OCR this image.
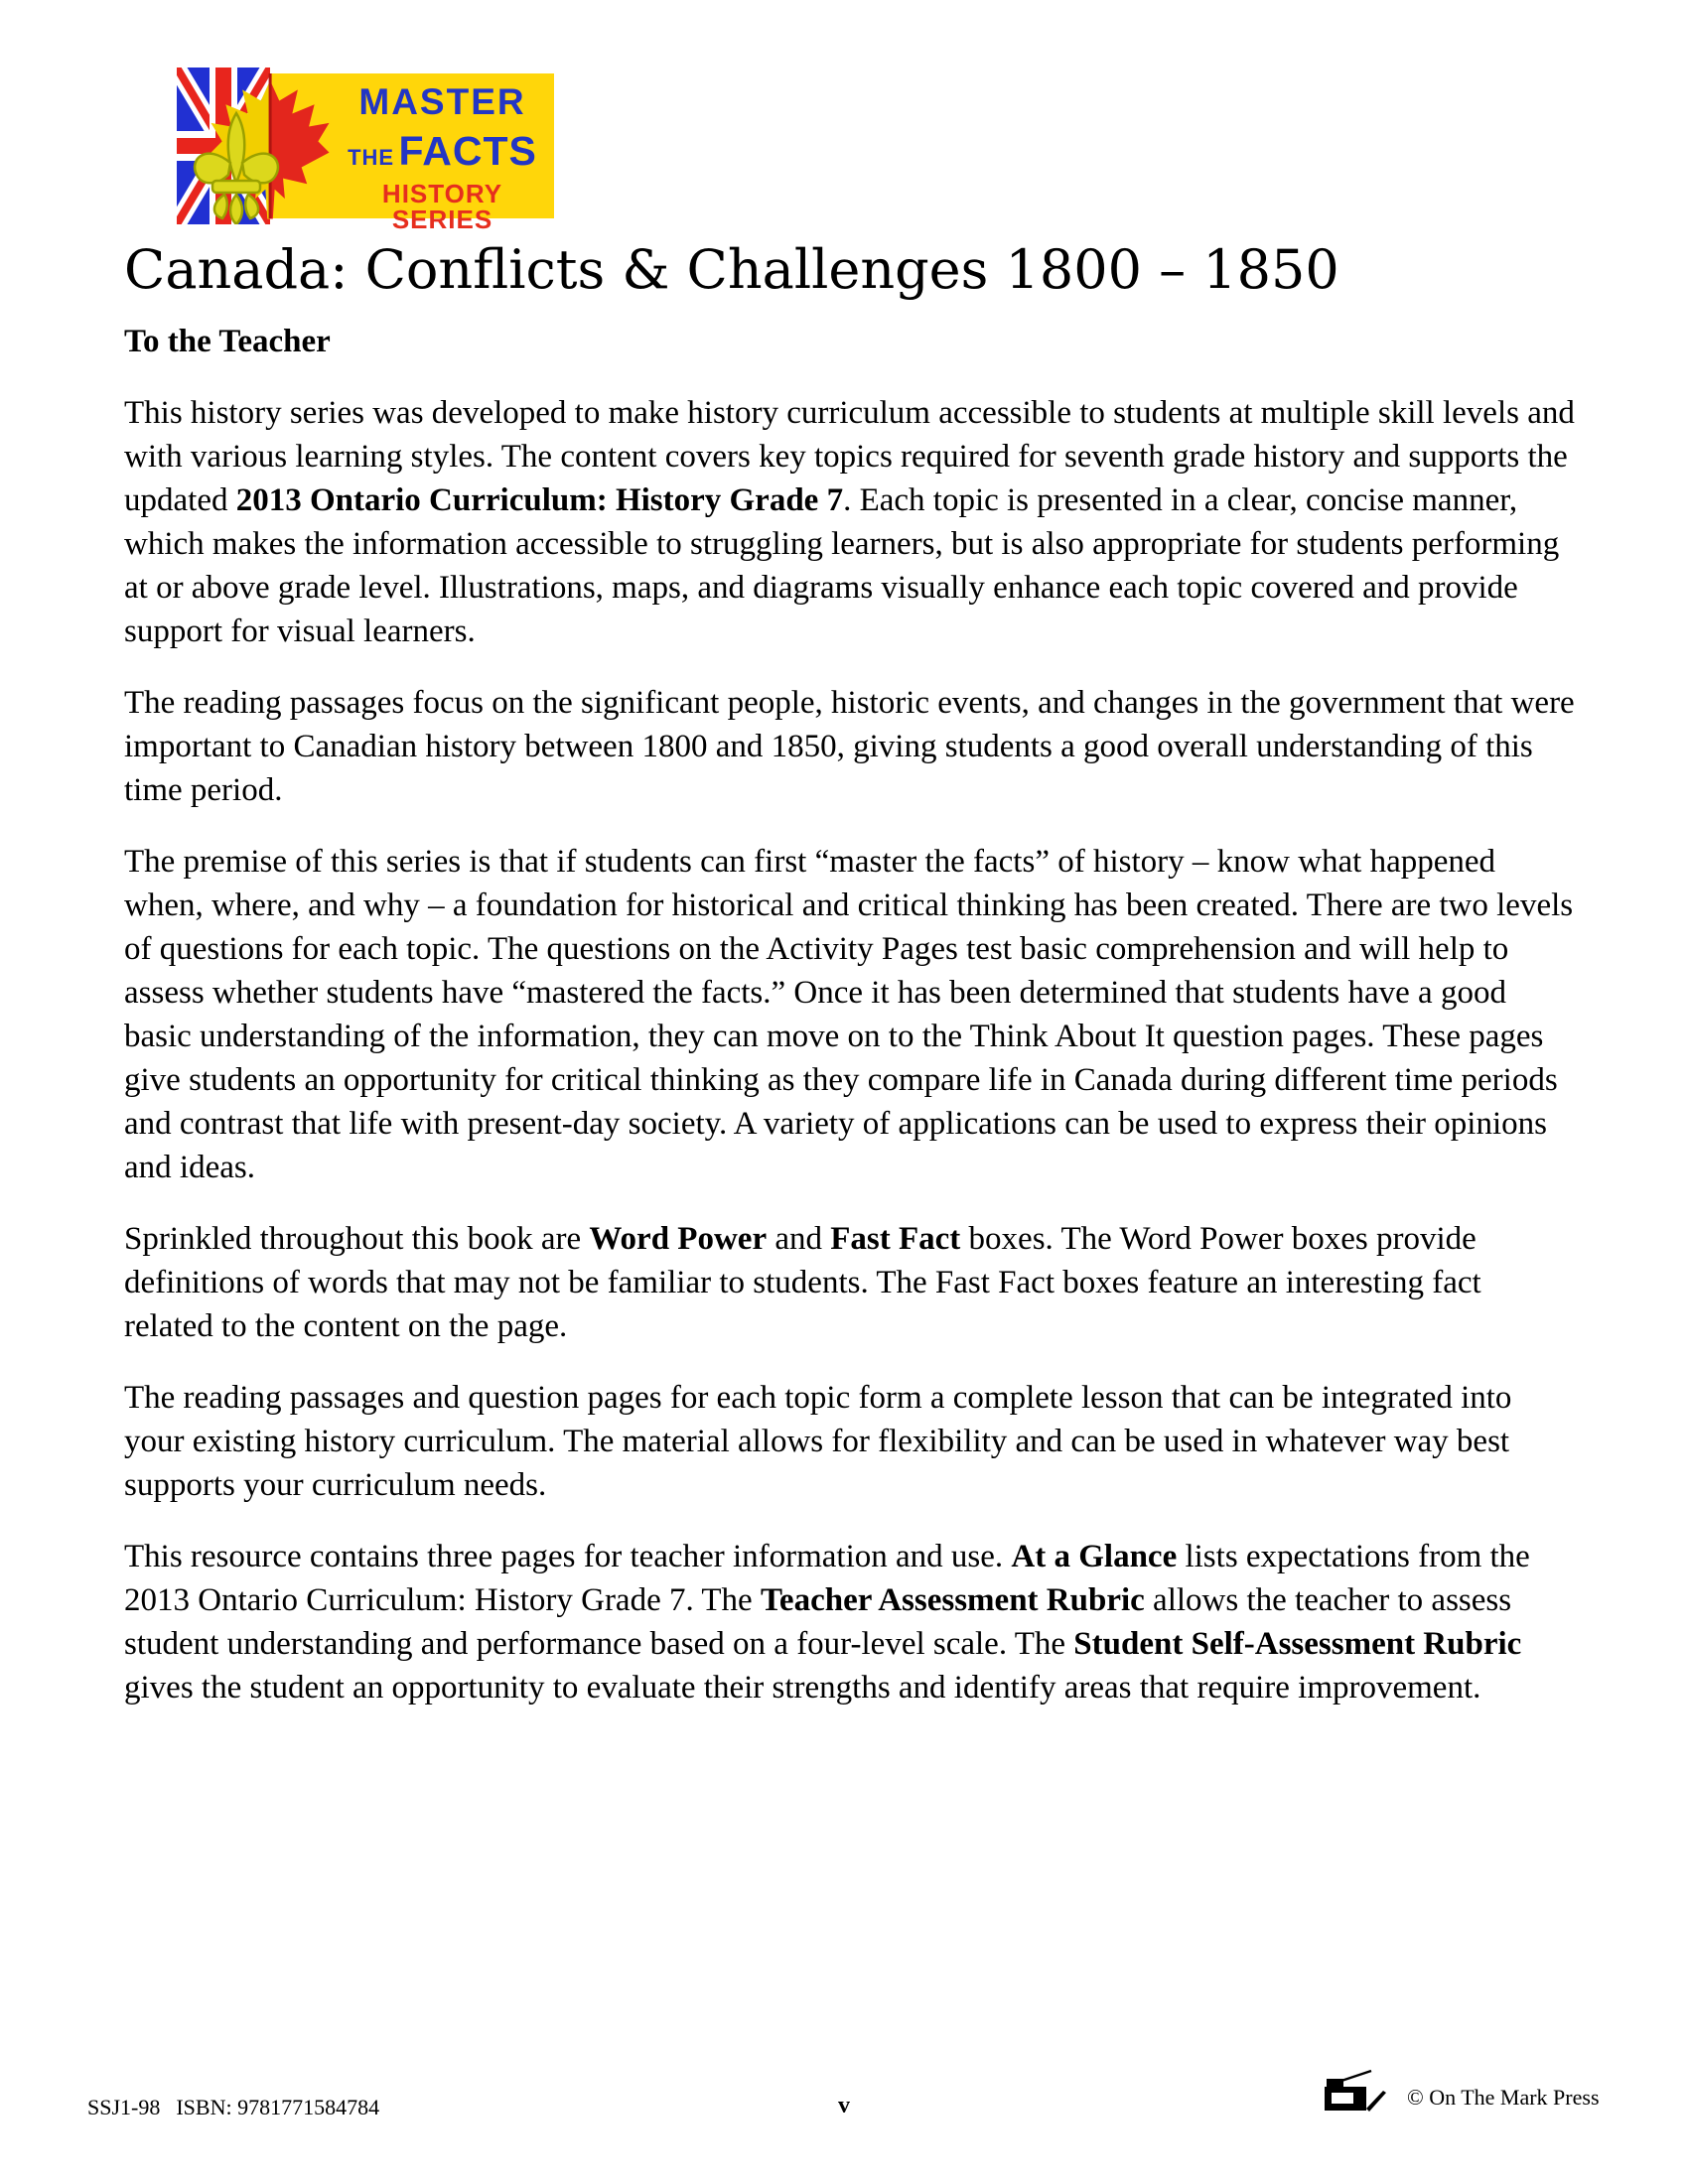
MASTER
THE FACTS
HISTORY SERIES
Canada: Conflicts & Challenges 1800 – 1850
To the Teacher

This history series was developed to make history curriculum accessible to students at multiple skill levels and with various learning styles. The content covers key topics required for seventh grade history and supports the updated 2013 Ontario Curriculum: History Grade 7. Each topic is presented in a clear, concise manner, which makes the information accessible to struggling learners, but is also appropriate for students performing at or above grade level. Illustrations, maps, and diagrams visually enhance each topic covered and provide support for visual learners.

The reading passages focus on the significant people, historic events, and changes in the government that were important to Canadian history between 1800 and 1850, giving students a good overall understanding of this time period.

The premise of this series is that if students can first “master the facts” of history – know what happened when, where, and why – a foundation for historical and critical thinking has been created. There are two levels of questions for each topic. The questions on the Activity Pages test basic comprehension and will help to assess whether students have “mastered the facts.” Once it has been determined that students have a good basic understanding of the information, they can move on to the Think About It question pages. These pages give students an opportunity for critical thinking as they compare life in Canada during different time periods and contrast that life with present-day society. A variety of applications can be used to express their opinions and ideas.

Sprinkled throughout this book are Word Power and Fast Fact boxes. The Word Power boxes provide definitions of words that may not be familiar to students. The Fast Fact boxes feature an interesting fact related to the content on the page.

The reading passages and question pages for each topic form a complete lesson that can be integrated into your existing history curriculum. The material allows for flexibility and can be used in whatever way best supports your curriculum needs.

This resource contains three pages for teacher information and use. At a Glance lists expectations from the 2013 Ontario Curriculum: History Grade 7. The Teacher Assessment Rubric allows the teacher to assess student understanding and performance based on a four-level scale. The Student Self-Assessment Rubric gives the student an opportunity to evaluate their strengths and identify areas that require improvement.

SSJ1-98 ISBN: 9781771584784	v	© On The Mark Press
